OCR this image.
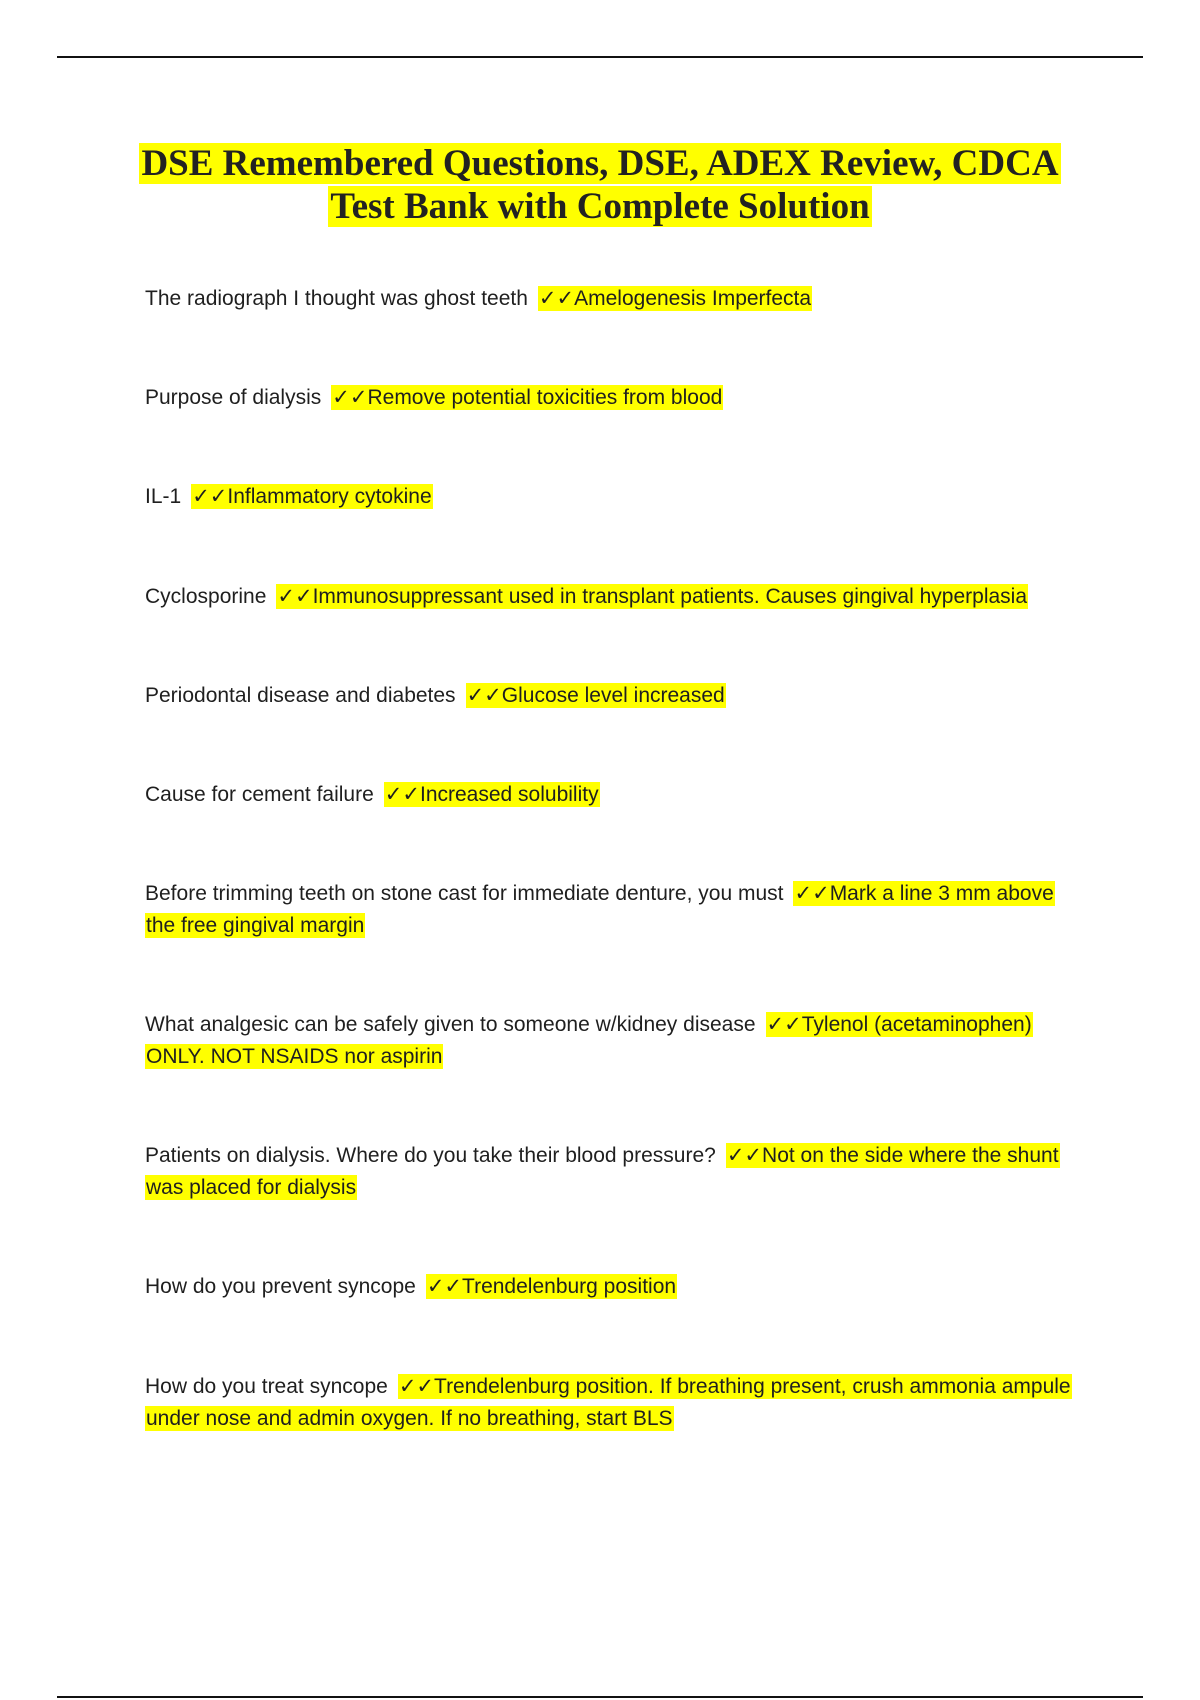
DSE Remembered Questions, DSE, ADEX Review, CDCA
Test Bank with Complete Solution
The radiograph I thought was ghost teeth ✓✓Amelogenesis Imperfecta
Purpose of dialysis ✓✓Remove potential toxicities from blood
IL-1 ✓✓Inflammatory cytokine
Cyclosporine ✓✓Immunosuppressant used in transplant patients. Causes gingival hyperplasia
Periodontal disease and diabetes ✓✓Glucose level increased
Cause for cement failure ✓✓Increased solubility
Before trimming teeth on stone cast for immediate denture, you must ✓✓Mark a line 3 mm above the free gingival margin
What analgesic can be safely given to someone w/kidney disease ✓✓Tylenol (acetaminophen) ONLY. NOT NSAIDS nor aspirin
Patients on dialysis. Where do you take their blood pressure? ✓✓Not on the side where the shunt was placed for dialysis
How do you prevent syncope ✓✓Trendelenburg position
How do you treat syncope ✓✓Trendelenburg position. If breathing present, crush ammonia ampule under nose and admin oxygen. If no breathing, start BLS
